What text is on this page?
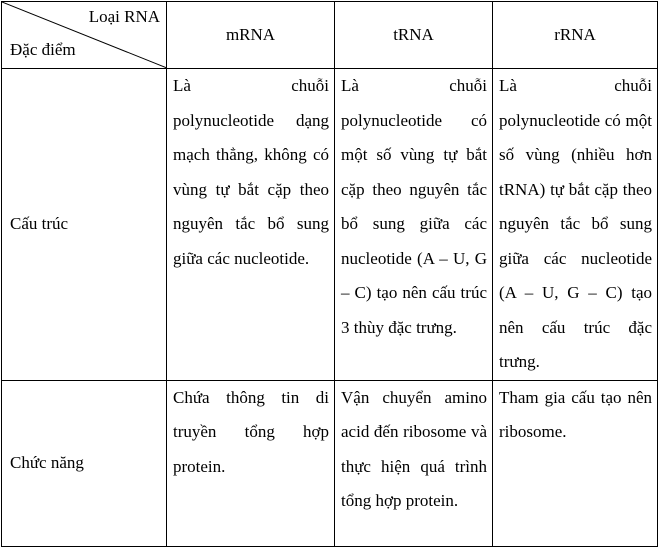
Loại RNA
Đặc điểm	mRNA	tRNA	rRNA
Cấu trúc	Là chuỗi polynucleotide dạng mạch thẳng, không có vùng tự bắt cặp theo nguyên tắc bổ sung giữa các nucleotide.	Là chuỗi polynucleotide có một số vùng tự bắt cặp theo nguyên tắc bổ sung giữa các nucleotide (A – U, G – C) tạo nên cấu trúc 3 thùy đặc trưng.	Là chuỗi polynucleotide có một số vùng (nhiều hơn tRNA) tự bắt cặp theo nguyên tắc bổ sung giữa các nucleotide (A – U, G – C) tạo nên cấu trúc đặc trưng.
Chức năng	Chứa thông tin di truyền tổng hợp protein.	Vận chuyển amino acid đến ribosome và thực hiện quá trình tổng hợp protein.	Tham gia cấu tạo nên ribosome.
